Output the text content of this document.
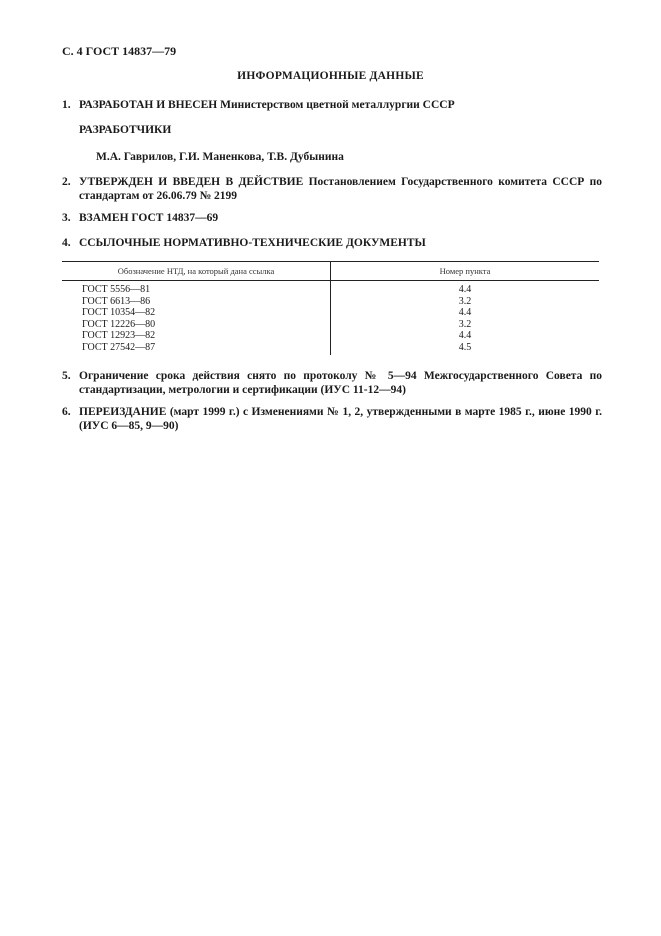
С. 4 ГОСТ 14837—79
ИНФОРМАЦИОННЫЕ ДАННЫЕ
1. РАЗРАБОТАН И ВНЕСЕН Министерством цветной металлургии СССР
РАЗРАБОТЧИКИ
М.А. Гаврилов, Г.И. Маненкова, Т.В. Дубынина
2. УТВЕРЖДЕН И ВВЕДЕН В ДЕЙСТВИЕ Постановлением Государственного комитета СССР по стандартам от 26.06.79 № 2199
3. ВЗАМЕН ГОСТ 14837—69
4. ССЫЛОЧНЫЕ НОРМАТИВНО-ТЕХНИЧЕСКИЕ ДОКУМЕНТЫ
Обозначение НТД, на который дана ссылка	Номер пункта
ГОСТ 5556—81	4.4
ГОСТ 6613—86	3.2
ГОСТ 10354—82	4.4
ГОСТ 12226—80	3.2
ГОСТ 12923—82	4.4
ГОСТ 27542—87	4.5
5. Ограничение срока действия снято по протоколу № 5—94 Межгосударственного Совета по стандартизации, метрологии и сертификации (ИУС 11-12—94)
6. ПЕРЕИЗДАНИЕ (март 1999 г.) с Изменениями № 1, 2, утвержденными в марте 1985 г., июне 1990 г. (ИУС 6—85, 9—90)
